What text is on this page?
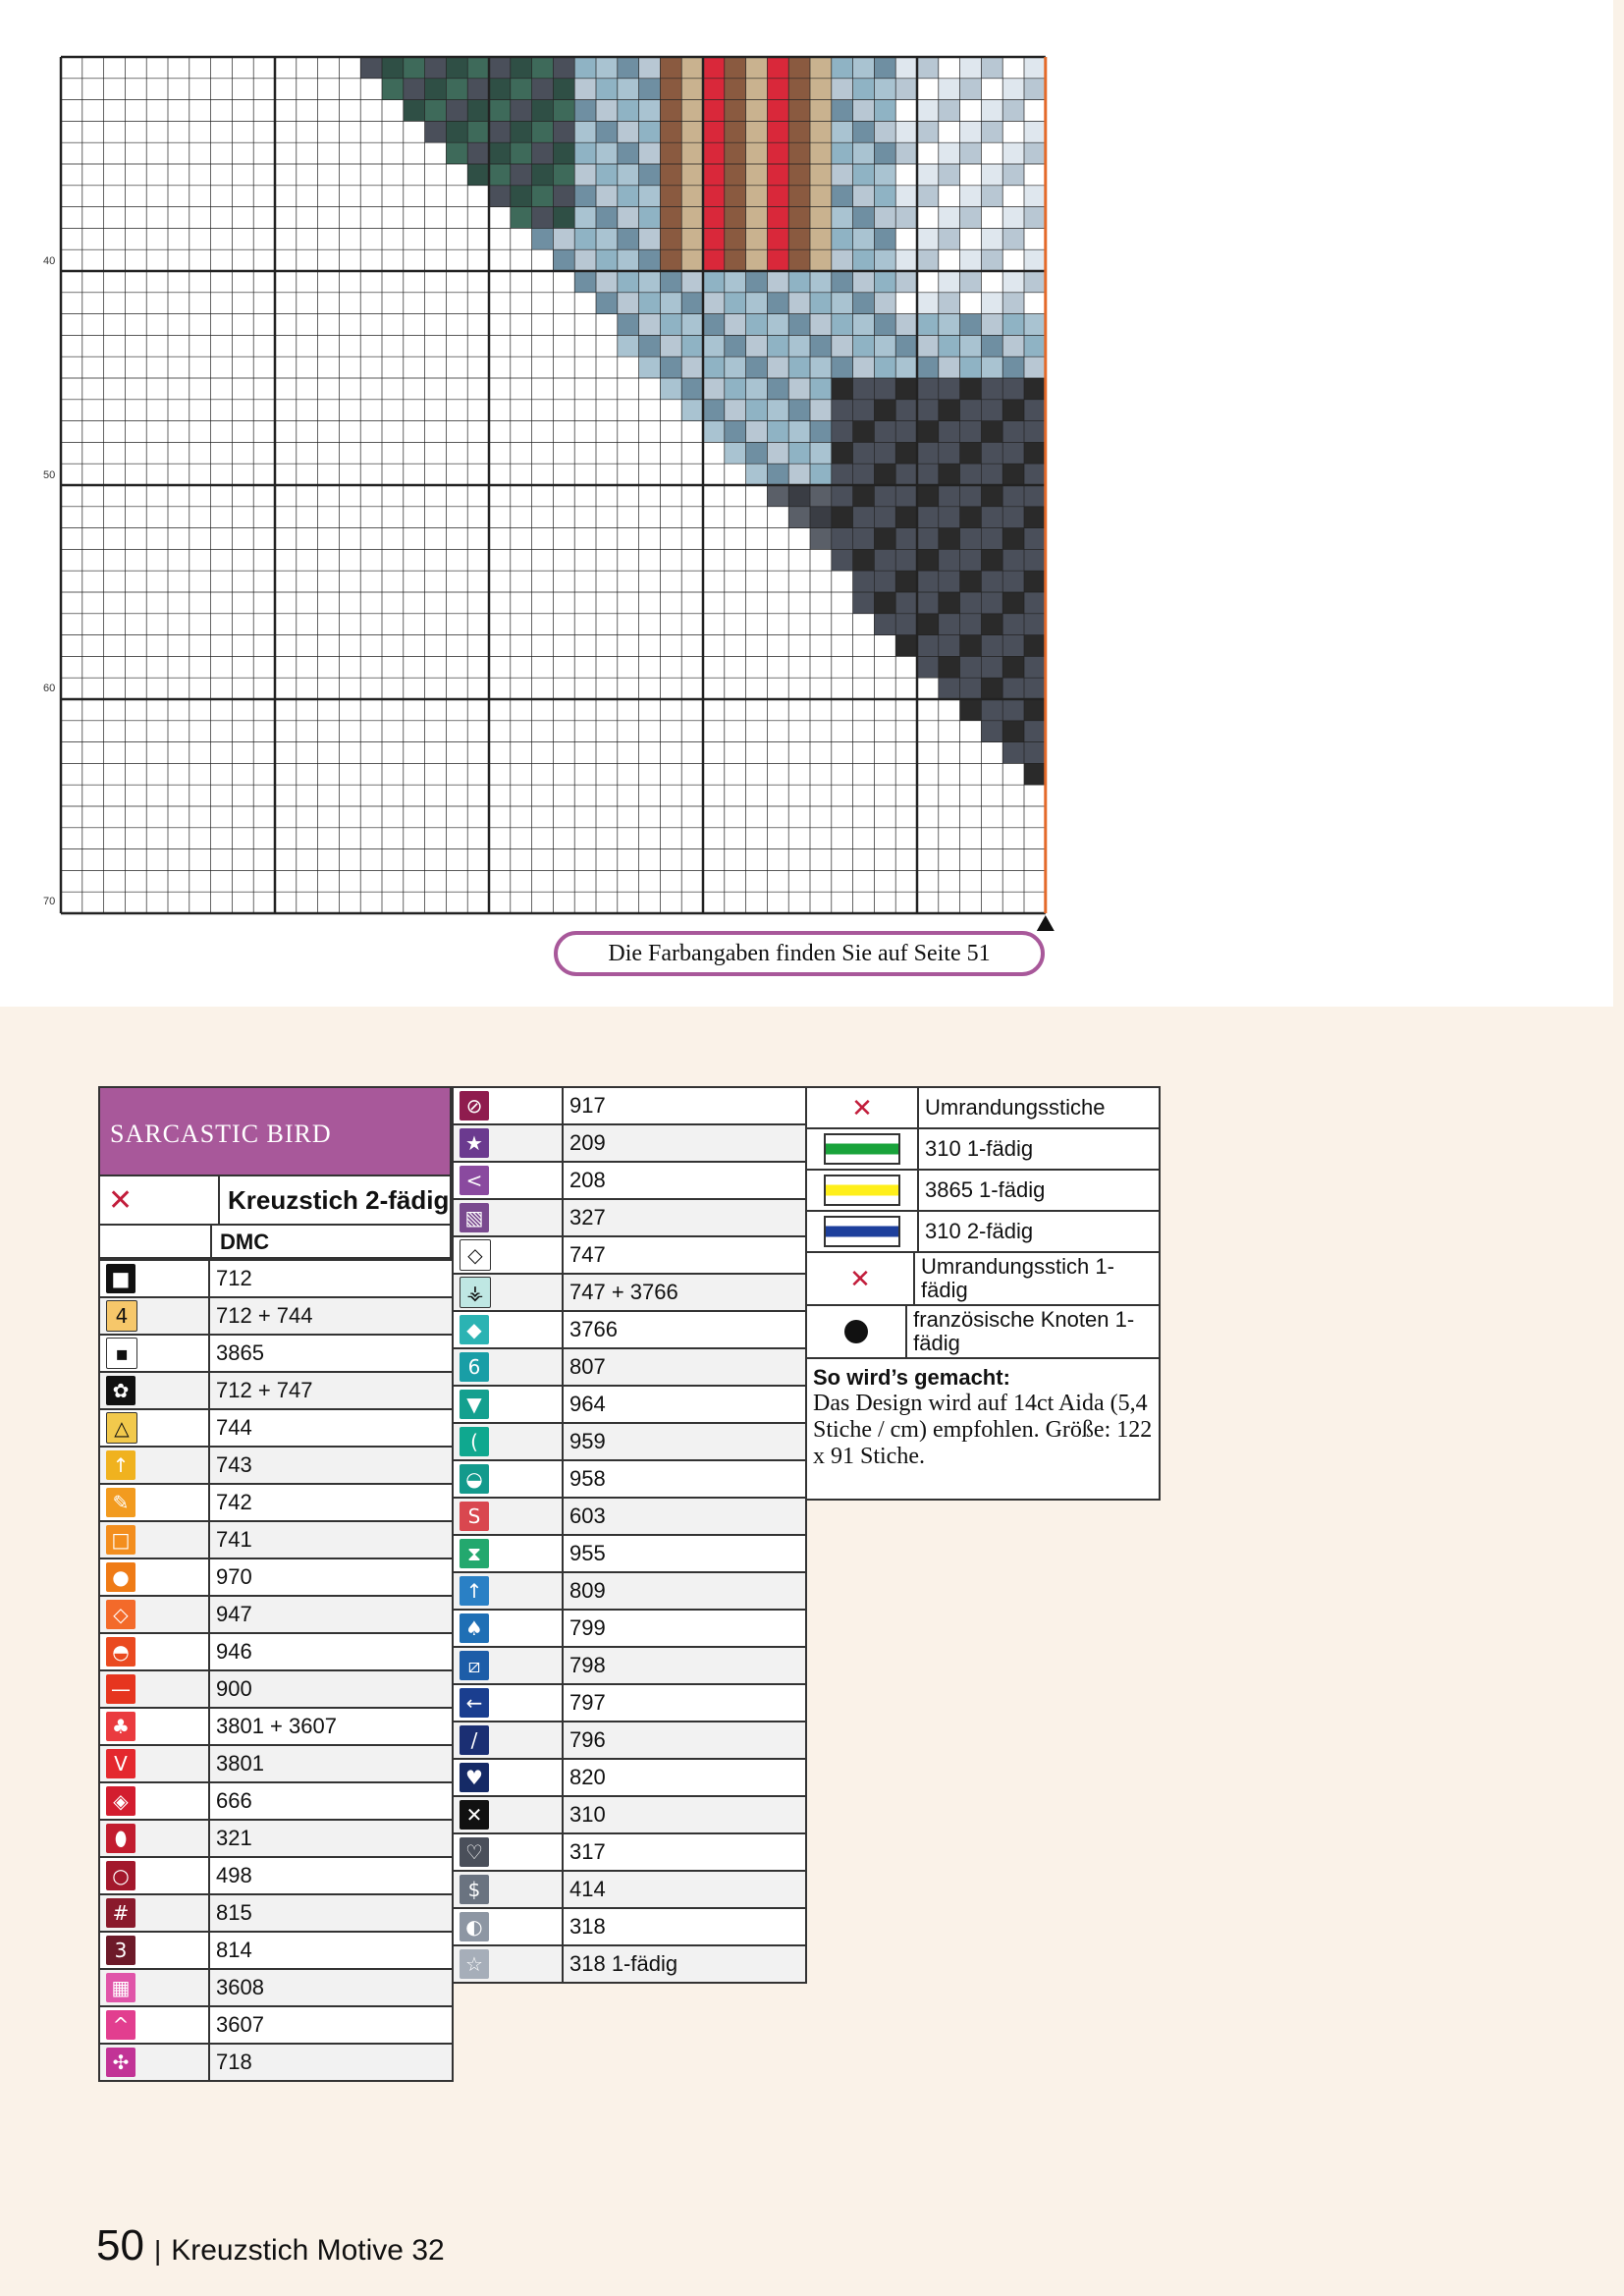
40
50
60
70
Die Farbangaben finden Sie auf Seite 51
SARCASTIC BIRD
✕	Kreuzstich 2-fädig
DMC
■	712
4	712 + 744
▪	3865
✿	712 + 747
△	744
↑	743
✎	742
□	741
●	970
◇	947
◓	946
—	900
♣	3801 + 3607
V	3801
◈	666
⬮	321
○	498
#	815
3	814
▦	3608
^	3607
✣	718
⊘	917
★	209
<	208
▧	327
◇	747
⚶	747 + 3766
◆	3766
6	807
▼	964
(	959
◒	958
S	603
⧗	955
↑	809
♠	799
⧄	798
←	797
/	796
♥	820
✕	310
♡	317
$	414
◐	318
☆	318 1-fädig
✕ Umrandungsstiche
310 1-fädig
3865 1-fädig
310 2-fädig
✕ Umrandungsstich 1-fädig
französische Knoten 1-fädig
So wird’s gemacht:
Das Design wird auf 14ct Aida (5,4 Stiche / cm) empfohlen. Größe: 122 x 91 Stiche.
50 | Kreuzstich Motive 32
